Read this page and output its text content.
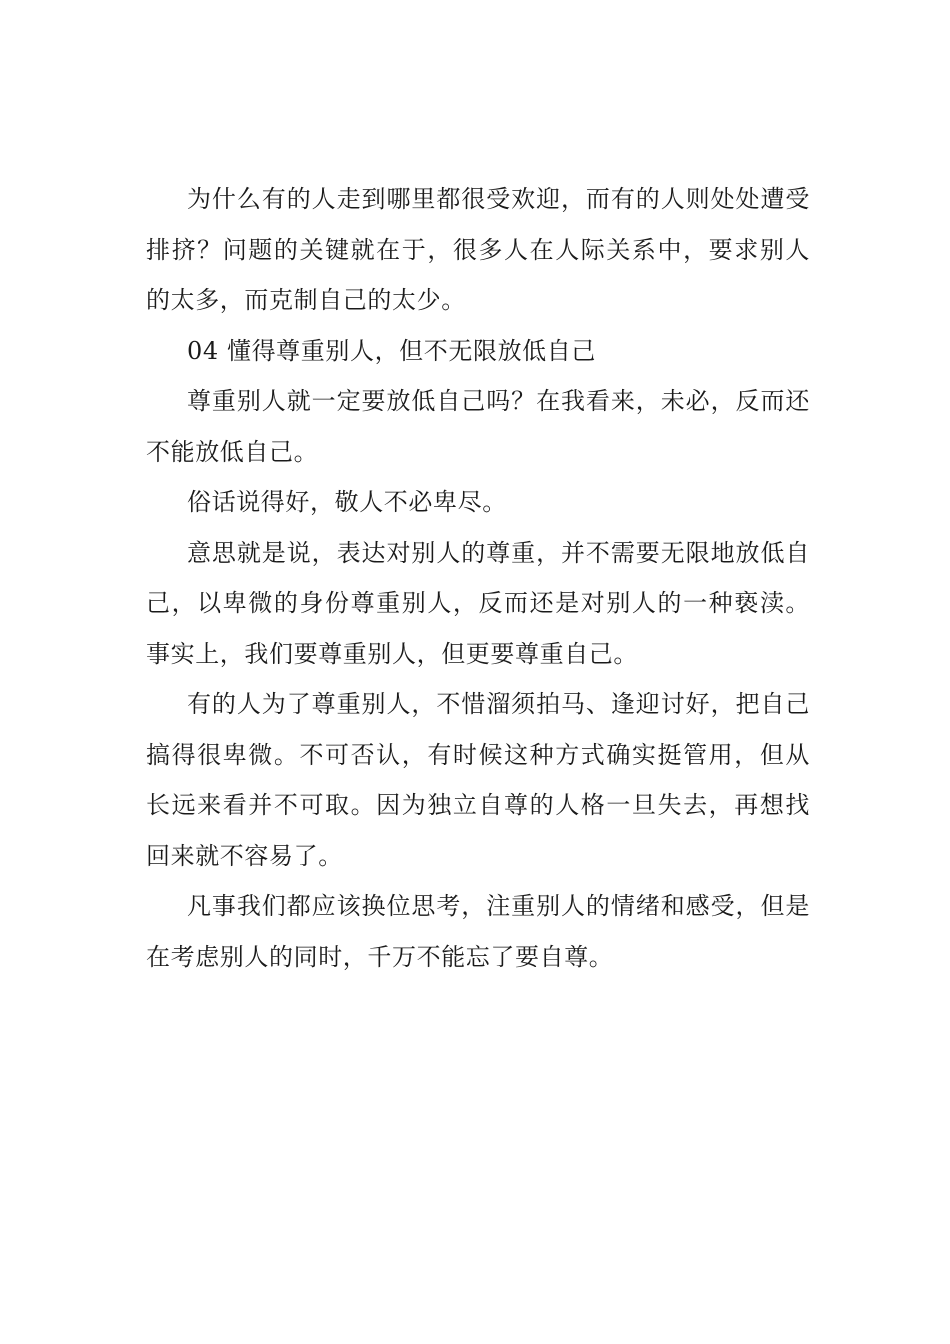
为什么有的人走到哪里都很受欢迎，而有的人则处处遭受排挤？问题的关键就在于，很多人在人际关系中，要求别人的太多，而克制自己的太少。

04 懂得尊重别人，但不无限放低自己

尊重别人就一定要放低自己吗？在我看来，未必，反而还不能放低自己。

俗话说得好，敬人不必卑尽。

意思就是说，表达对别人的尊重，并不需要无限地放低自己，以卑微的身份尊重别人，反而还是对别人的一种亵渎。事实上，我们要尊重别人，但更要尊重自己。

有的人为了尊重别人，不惜溜须拍马、逢迎讨好，把自己搞得很卑微。不可否认，有时候这种方式确实挺管用，但从长远来看并不可取。因为独立自尊的人格一旦失去，再想找回来就不容易了。

凡事我们都应该换位思考，注重别人的情绪和感受，但是在考虑别人的同时，千万不能忘了要自尊。
